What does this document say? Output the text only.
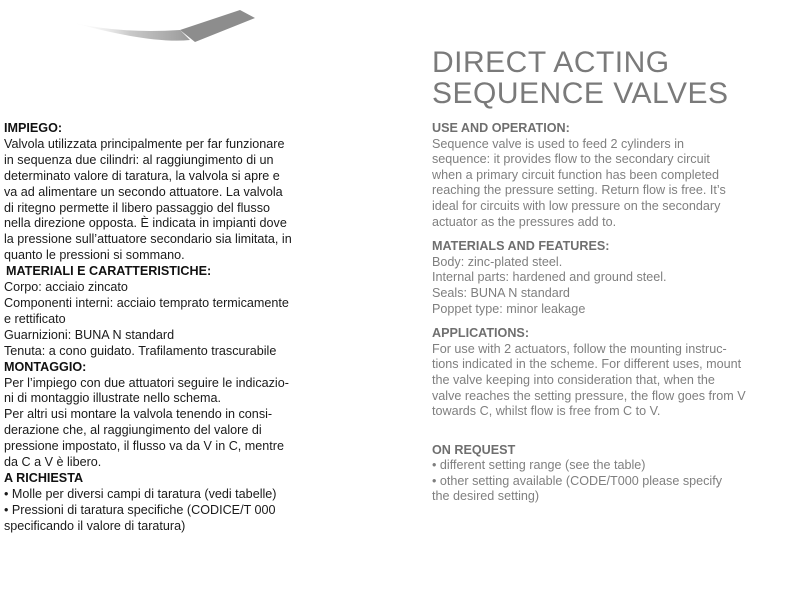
IMPIEGO:

Valvola utilizzata principalmente per far funzionare

in sequenza due cilindri: al raggiungimento di un

determinato valore di taratura, la valvola si apre e

va ad alimentare un secondo attuatore. La valvola

di ritegno permette il libero passaggio del flusso

nella direzione opposta. È indicata in impianti dove

la pressione sull’attuatore secondario sia limitata, in

quanto le pressioni si sommano.

MATERIALI E CARATTERISTICHE:

Corpo: acciaio zincato

Componenti interni: acciaio temprato termicamente

e rettificato

Guarnizioni: BUNA N standard

Tenuta: a cono guidato. Trafilamento trascurabile

MONTAGGIO:

Per l’impiego con due attuatori seguire le indicazio-

ni di montaggio illustrate nello schema.

Per altri usi montare la valvola tenendo in consi-

derazione che, al raggiungimento del valore di

pressione impostato, il flusso va da V in C, mentre

da C a V è libero.

A RICHIESTA

• Molle per diversi campi di taratura (vedi tabelle)

• Pressioni di taratura specifiche (CODICE/T 000

specificando il valore di taratura)

DIRECT ACTING
SEQUENCE VALVES
USE AND OPERATION:

Sequence valve is used to feed 2 cylinders in

sequence: it provides flow to the secondary circuit

when a primary circuit function has been completed

reaching the pressure setting. Return flow is free. It’s

ideal for circuits with low pressure on the secondary

actuator as the pressures add to.

MATERIALS AND FEATURES:

Body: zinc-plated steel.

Internal parts: hardened and ground steel.

Seals: BUNA N standard

Poppet type: minor leakage

APPLICATIONS:

For use with 2 actuators, follow the mounting instruc-

tions indicated in the scheme. For different uses, mount

the valve keeping into consideration that, when the

valve reaches the setting pressure, the flow goes from V

towards C, whilst flow is free from C to V.

ON REQUEST

• different setting range (see the table)

• other setting available (CODE/T000 please specify

the desired setting)
